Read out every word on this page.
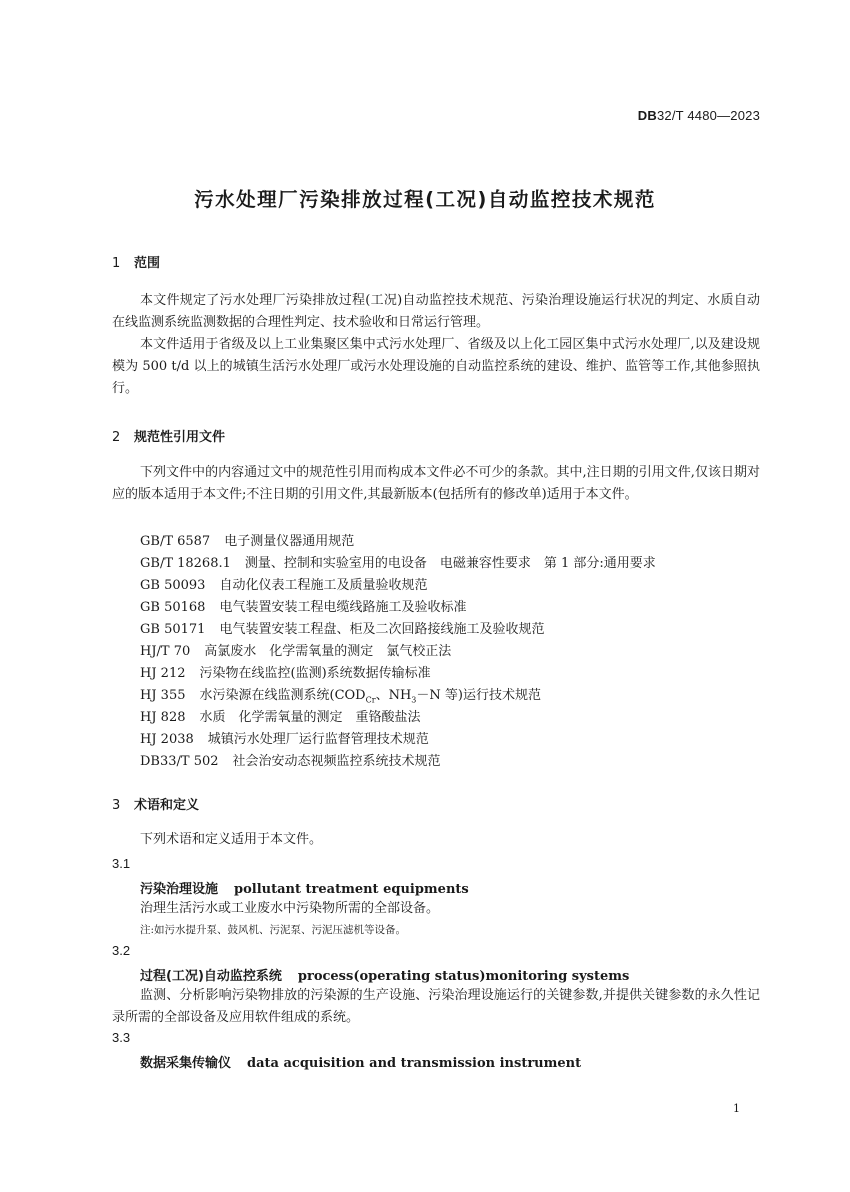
DB32/T 4480—2023
污水处理厂污染排放过程(工况)自动监控技术规范
1 范围
本文件规定了污水处理厂污染排放过程(工况)自动监控技术规范、污染治理设施运行状况的判定、水质自动在线监测系统监测数据的合理性判定、技术验收和日常运行管理。
本文件适用于省级及以上工业集聚区集中式污水处理厂、省级及以上化工园区集中式污水处理厂,以及建设规模为 500 t/d 以上的城镇生活污水处理厂或污水处理设施的自动监控系统的建设、维护、监管等工作,其他参照执行。
2 规范性引用文件
下列文件中的内容通过文中的规范性引用而构成本文件必不可少的条款。其中,注日期的引用文件,仅该日期对应的版本适用于本文件;不注日期的引用文件,其最新版本(包括所有的修改单)适用于本文件。
GB/T 6587 电子测量仪器通用规范
GB/T 18268.1 测量、控制和实验室用的电设备　电磁兼容性要求　第 1 部分:通用要求
GB 50093 自动化仪表工程施工及质量验收规范
GB 50168 电气装置安装工程电缆线路施工及验收标准
GB 50171 电气装置安装工程盘、柜及二次回路接线施工及验收规范
HJ/T 70 高氯废水　化学需氧量的测定　氯气校正法
HJ 212 污染物在线监控(监测)系统数据传输标准
HJ 355 水污染源在线监测系统($COD_{Cr}$、$NH_3-N$ 等)运行技术规范
HJ 828 水质　化学需氧量的测定　重铬酸盐法
HJ 2038 城镇污水处理厂运行监督管理技术规范
DB33/T 502 社会治安动态视频监控系统技术规范
3 术语和定义
下列术语和定义适用于本文件。
3.1
污染治理设施 pollutant treatment equipments
治理生活污水或工业废水中污染物所需的全部设备。
注:如污水提升泵、鼓风机、污泥泵、污泥压滤机等设备。
3.2
过程(工况)自动监控系统 process(operating status)monitoring systems
监测、分析影响污染物排放的污染源的生产设施、污染治理设施运行的关键参数,并提供关键参数的永久性记录所需的全部设备及应用软件组成的系统。
3.3
数据采集传输仪 data acquisition and transmission instrument
1
